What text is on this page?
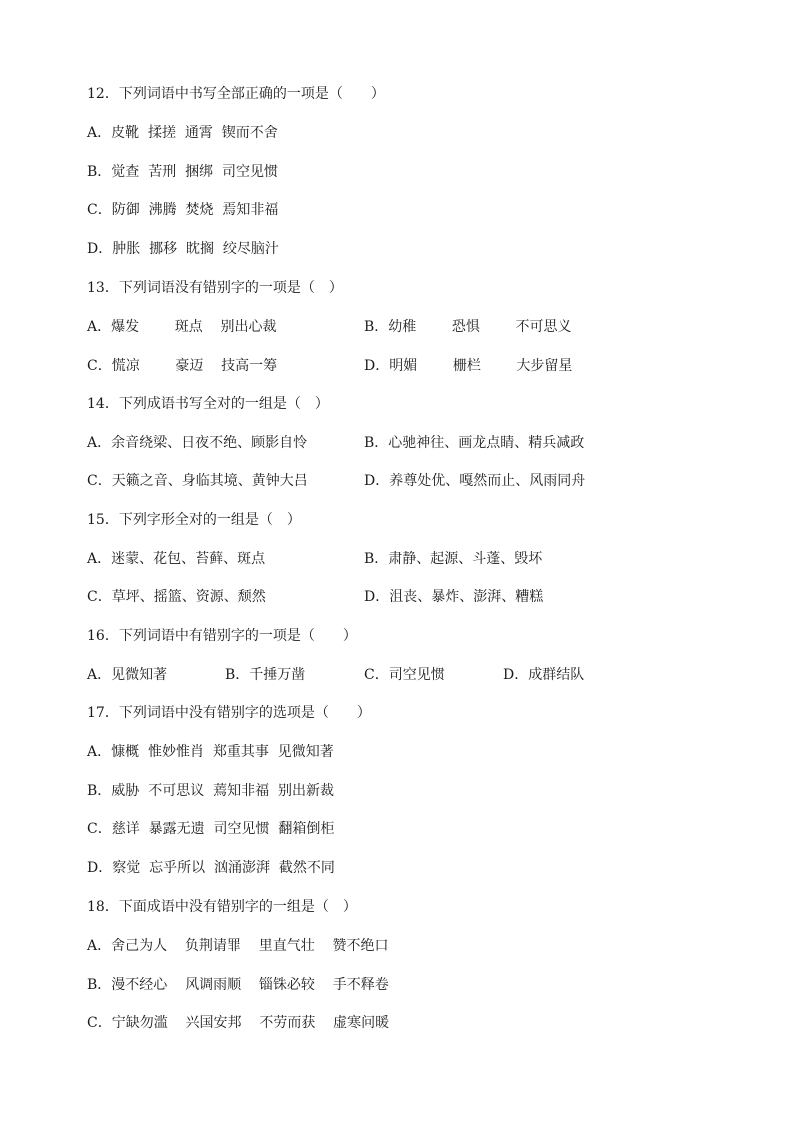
12．下列词语中书写全部正确的一项是（　　）
A．皮靴  揉搓  通霄  锲而不舍
B．觉查  苦刑  捆绑  司空见惯
C．防御  沸腾  焚烧  焉知非福
D．肿胀  挪移  眈搁  绞尽脑汁
13．下列词语没有错别字的一项是（　）
A．爆发        斑点    别出心裁	B．幼稚        恐惧        不可思义
C．慌凉        豪迈    技高一筹	D．明媚        栅栏        大步留星
14．下列成语书写全对的一组是（　）
A．余音绕梁、日夜不绝、顾影自怜	B．心驰神往、画龙点睛、精兵减政
C．天籁之音、身临其境、黄钟大吕	D．养尊处优、嘎然而止、风雨同舟
15．下列字形全对的一组是（　）
A．迷蒙、花包、苔藓、斑点	B．肃静、起源、斗蓬、毁坏
C．草坪、摇篮、资源、颓然	D．沮丧、暴炸、澎湃、糟糕
16．下列词语中有错别字的一项是（　　）
A．见微知著	B．千捶万凿	C．司空见惯	D．成群结队
17．下列词语中没有错别字的选项是（　　）
A．慷概  惟妙惟肖  郑重其事  见微知著
B．威胁  不可思议  蔫知非福  别出新裁
C．慈详  暴露无遗  司空见惯  翻箱倒柜
D．察觉  忘乎所以  汹涌澎湃  截然不同
18．下面成语中没有错别字的一组是（　）
A．舍己为人    负荆请罪    里直气壮    赞不绝口
B．漫不经心    风调雨顺    锱铢必较    手不释卷
C．宁缺勿滥    兴国安邦    不劳而获    虚寒问暖
